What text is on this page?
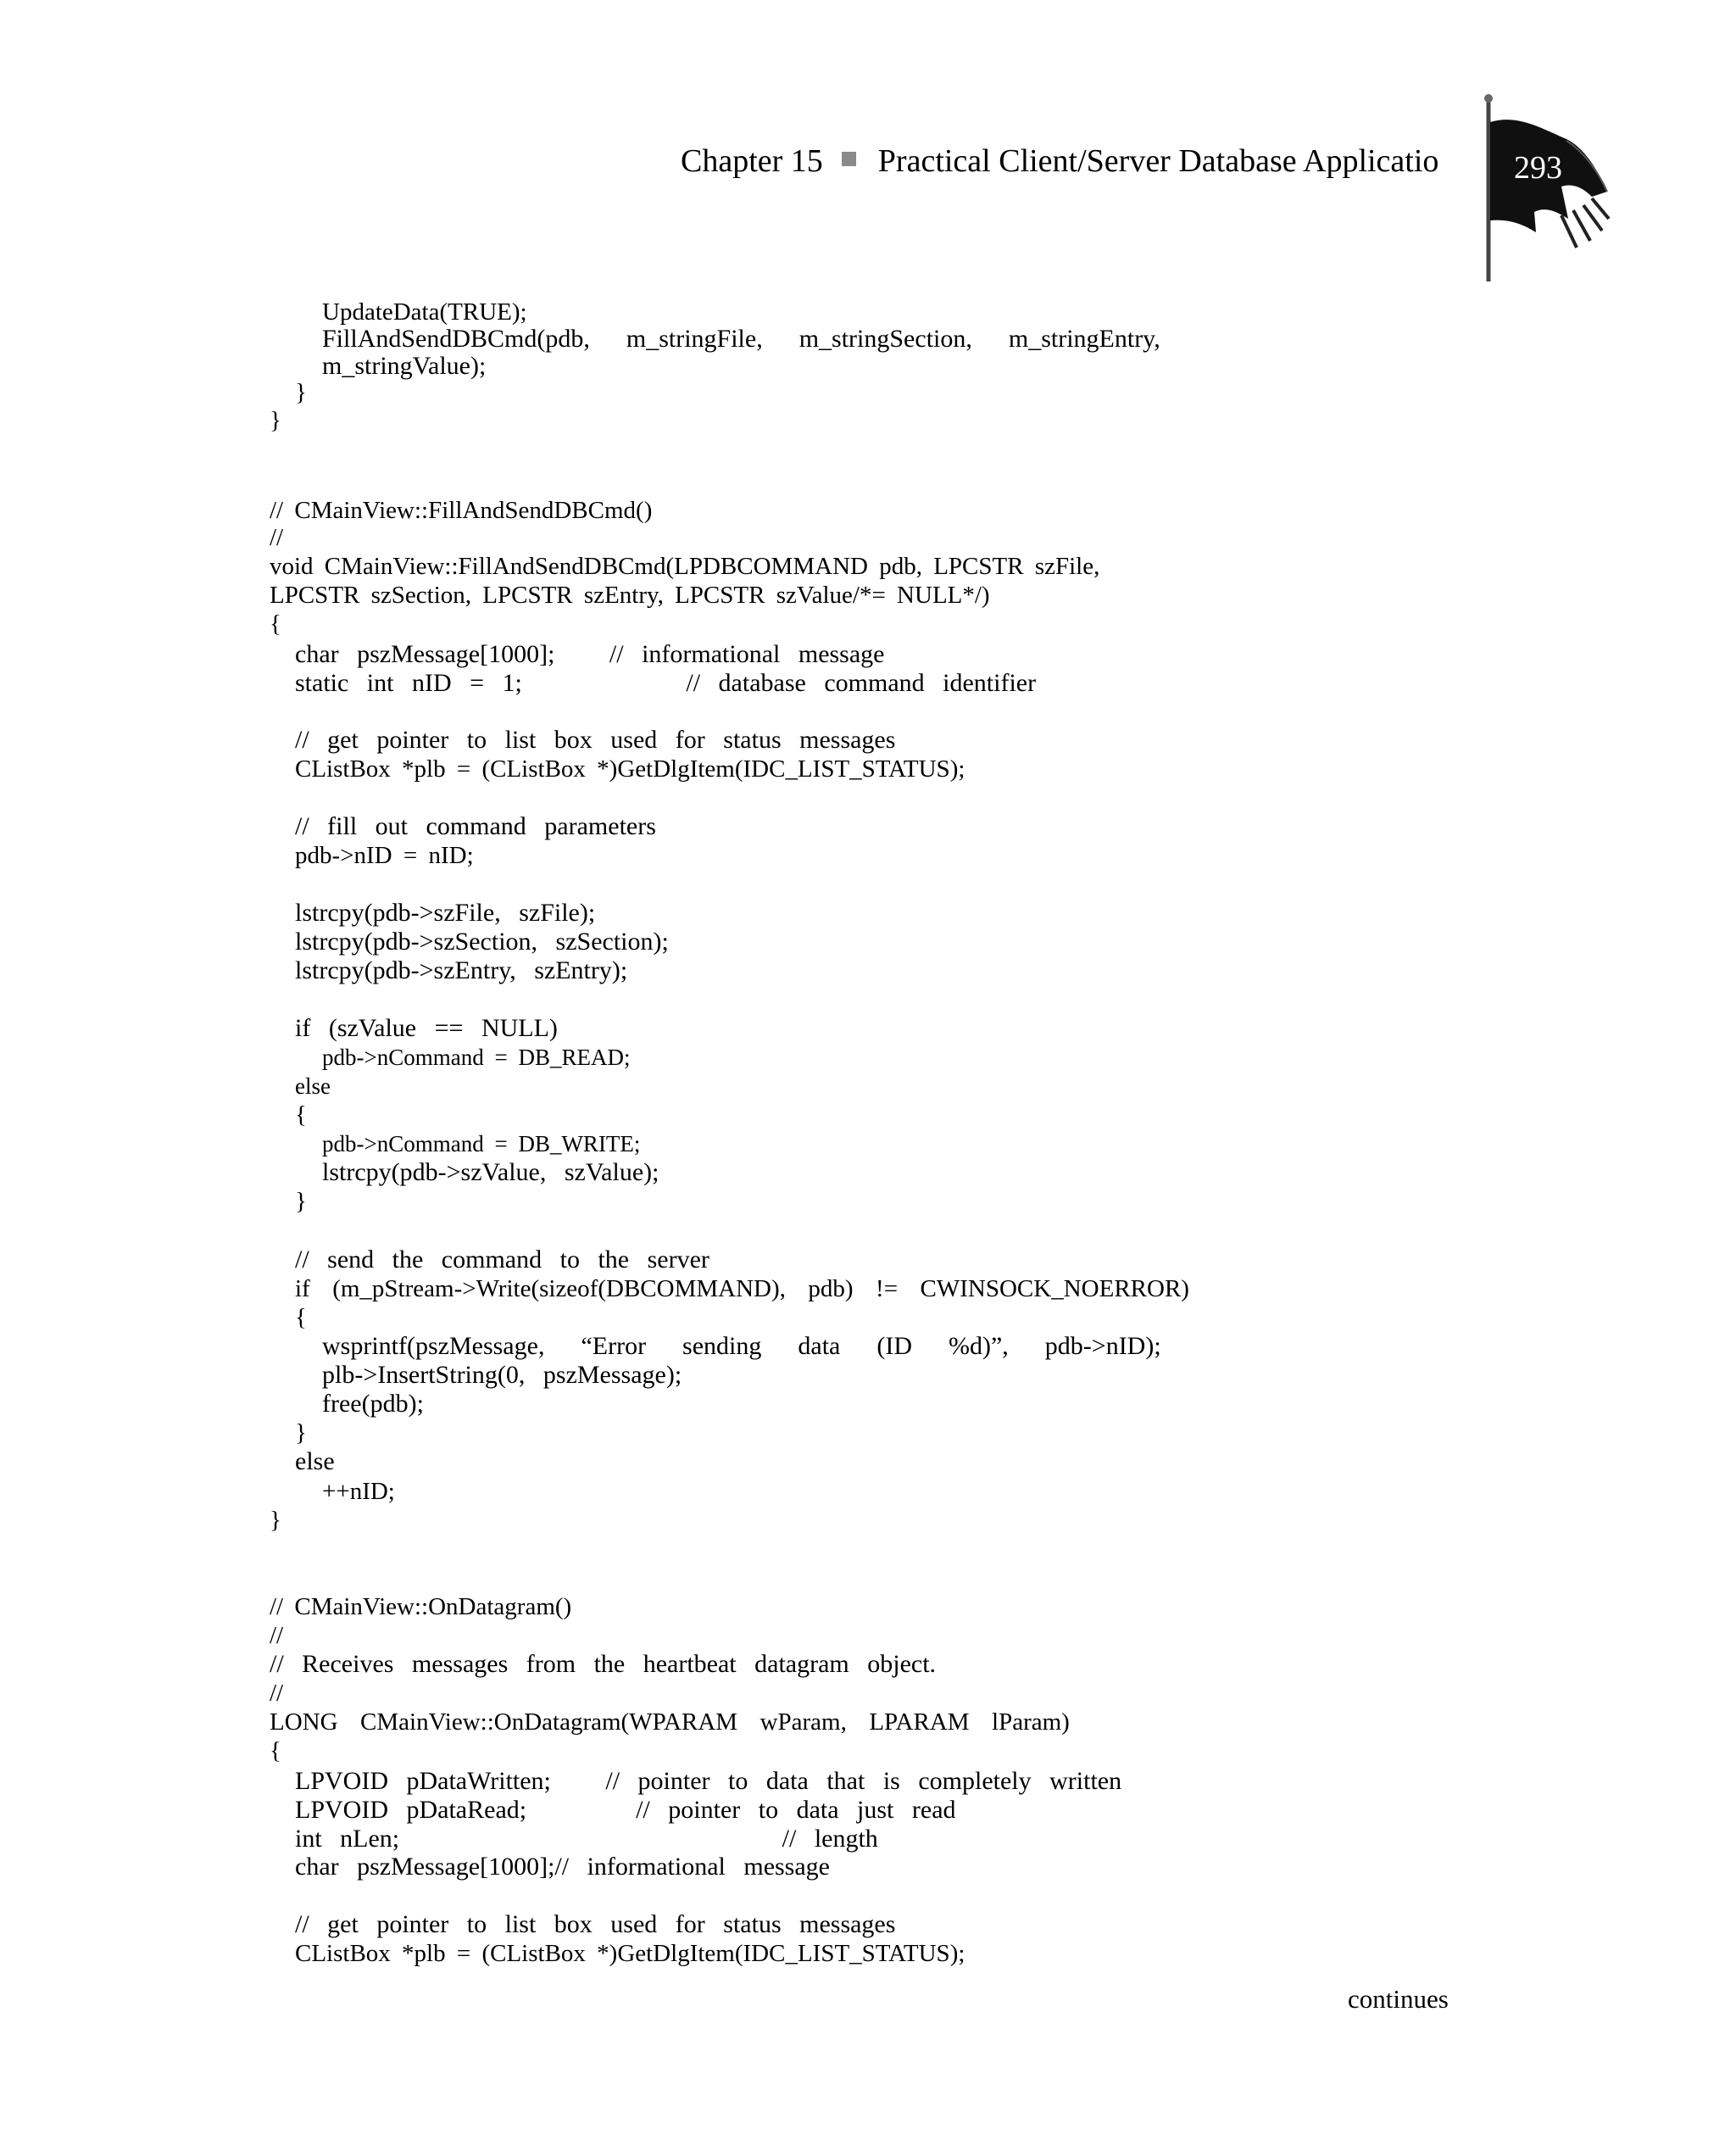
Chapter 15 Practical Client/Server Database Applicatio 293
UpdateData(TRUE);
FillAndSendDBCmd(pdb,  m_stringFile,  m_stringSection,  m_stringEntry,
m_stringValue);
}
}
// CMainView::FillAndSendDBCmd()
//
void CMainView::FillAndSendDBCmd(LPDBCOMMAND pdb, LPCSTR szFile,
LPCSTR szSection, LPCSTR szEntry, LPCSTR szValue/*= NULL*/)
{
char pszMessage[1000];   // informational message
static int nID = 1;         // database command identifier
// get pointer to list box used for status messages
CListBox *plb = (CListBox *)GetDlgItem(IDC_LIST_STATUS);
// fill out command parameters
pdb->nID = nID;
lstrcpy(pdb->szFile, szFile);
lstrcpy(pdb->szSection, szSection);
lstrcpy(pdb->szEntry, szEntry);
if (szValue == NULL)
pdb->nCommand = DB_READ;
else
{
pdb->nCommand = DB_WRITE;
lstrcpy(pdb->szValue, szValue);
}
// send the command to the server
if  (m_pStream->Write(sizeof(DBCOMMAND),  pdb)  !=  CWINSOCK_NOERROR)
{
wsprintf(pszMessage,  “Error  sending  data  (ID  %d)”,  pdb->nID);
plb->InsertString(0, pszMessage);
free(pdb);
}
else
++nID;
}
// CMainView::OnDatagram()
//
// Receives messages from the heartbeat datagram object.
//
LONG  CMainView::OnDatagram(WPARAM  wParam,  LPARAM  lParam)
{
LPVOID pDataWritten;   // pointer to data that is completely written
LPVOID pDataRead;      // pointer to data just read
int nLen;                     // length
char pszMessage[1000];// informational message
// get pointer to list box used for status messages
CListBox *plb = (CListBox *)GetDlgItem(IDC_LIST_STATUS);
continues
